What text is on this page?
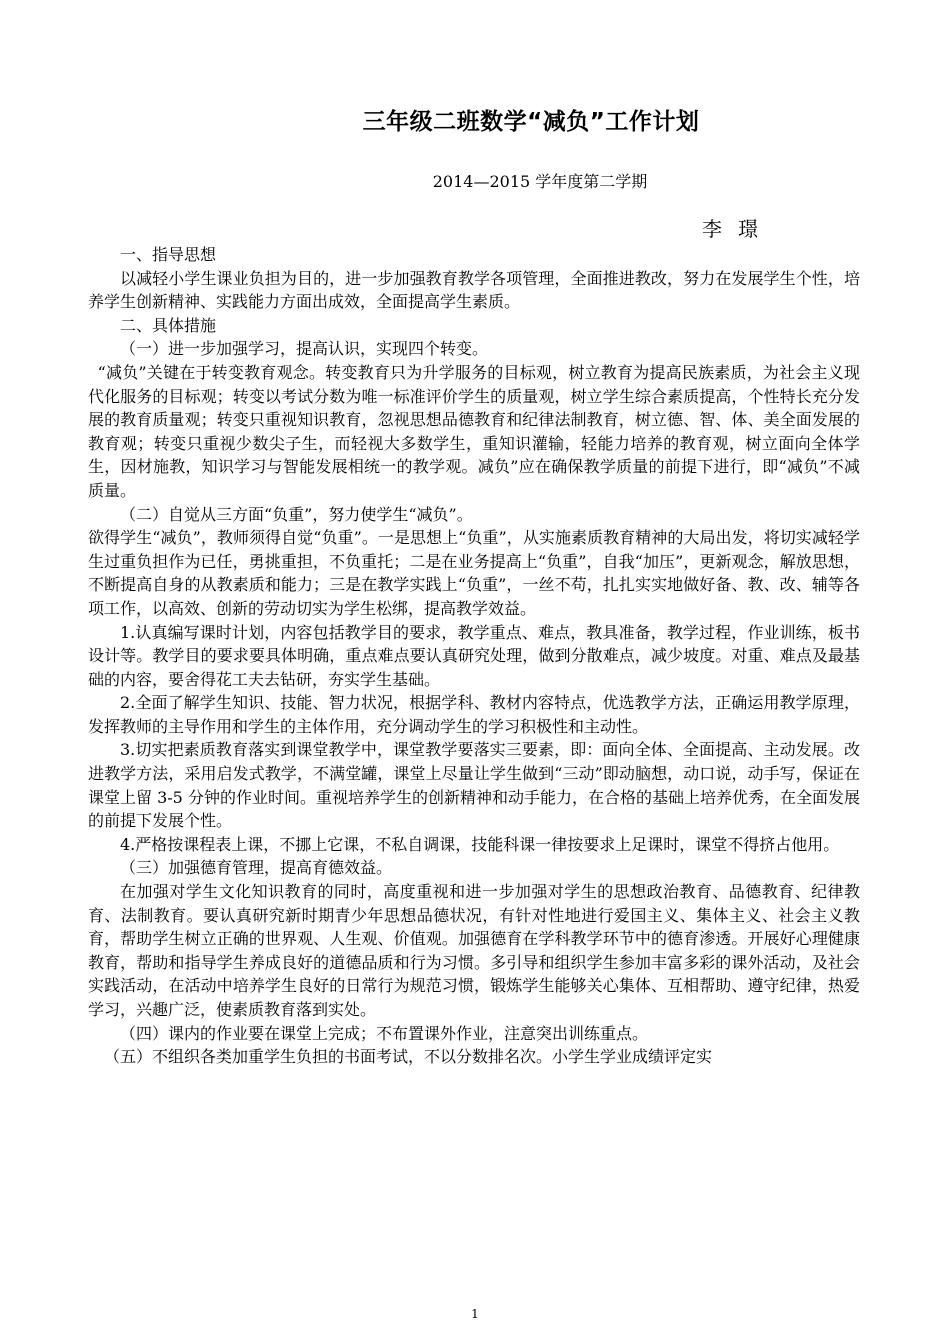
三年级二班数学“减负”工作计划
2014—2015 学年度第二学期
李璟

一、指导思想

以减轻小学生课业负担为目的，进一步加强教育教学各项管理，全面推进教改，努力在发展学生个性，培养学生创新精神、实践能力方面出成效，全面提高学生素质。

二、具体措施

（一）进一步加强学习，提高认识，实现四个转变。

“减负”关键在于转变教育观念。转变教育只为升学服务的目标观，树立教育为提高民族素质，为社会主义现代化服务的目标观；转变以考试分数为唯一标准评价学生的质量观，树立学生综合素质提高，个性特长充分发展的教育质量观；转变只重视知识教育，忽视思想品德教育和纪律法制教育，树立德、智、体、美全面发展的教育观；转变只重视少数尖子生，而轻视大多数学生，重知识灌输，轻能力培养的教育观，树立面向全体学生，因材施教，知识学习与智能发展相统一的教学观。减负”应在确保教学质量的前提下进行，即“减负”不减质量。

（二）自觉从三方面“负重”，努力使学生“减负”。

欲得学生“减负”，教师须得自觉“负重”。一是思想上“负重”，从实施素质教育精神的大局出发，将切实减轻学生过重负担作为已任，勇挑重担，不负重托；二是在业务提高上“负重”，自我“加压”，更新观念，解放思想，不断提高自身的从教素质和能力；三是在教学实践上“负重”，一丝不苟，扎扎实实地做好备、教、改、辅等各项工作，以高效、创新的劳动切实为学生松绑，提高教学效益。

1.认真编写课时计划，内容包括教学目的要求，教学重点、难点，教具准备，教学过程，作业训练，板书设计等。教学目的要求要具体明确，重点难点要认真研究处理，做到分散难点，减少坡度。对重、难点及最基础的内容，要舍得花工夫去钻研，夯实学生基础。

2.全面了解学生知识、技能、智力状况，根据学科、教材内容特点，优选教学方法，正确运用教学原理，发挥教师的主导作用和学生的主体作用，充分调动学生的学习积极性和主动性。

3.切实把素质教育落实到课堂教学中，课堂教学要落实三要素，即：面向全体、全面提高、主动发展。改进教学方法，采用启发式教学，不满堂罐，课堂上尽量让学生做到“三动”即动脑想，动口说，动手写，保证在课堂上留 3-5 分钟的作业时间。重视培养学生的创新精神和动手能力，在合格的基础上培养优秀，在全面发展的前提下发展个性。

4.严格按课程表上课，不挪上它课，不私自调课，技能科课一律按要求上足课时，课堂不得挤占他用。

（三）加强德育管理，提高育德效益。

在加强对学生文化知识教育的同时，高度重视和进一步加强对学生的思想政治教育、品德教育、纪律教育、法制教育。要认真研究新时期青少年思想品德状况，有针对性地进行爱国主义、集体主义、社会主义教育，帮助学生树立正确的世界观、人生观、价值观。加强德育在学科教学环节中的德育渗透。开展好心理健康教育，帮助和指导学生养成良好的道德品质和行为习惯。多引导和组织学生参加丰富多彩的课外活动，及社会实践活动，在活动中培养学生良好的日常行为规范习惯，锻炼学生能够关心集体、互相帮助、遵守纪律，热爱学习，兴趣广泛，使素质教育落到实处。

（四）课内的作业要在课堂上完成；不布置课外作业，注意突出训练重点。

（五）不组织各类加重学生负担的书面考试，不以分数排名次。小学生学业成绩评定实

1
